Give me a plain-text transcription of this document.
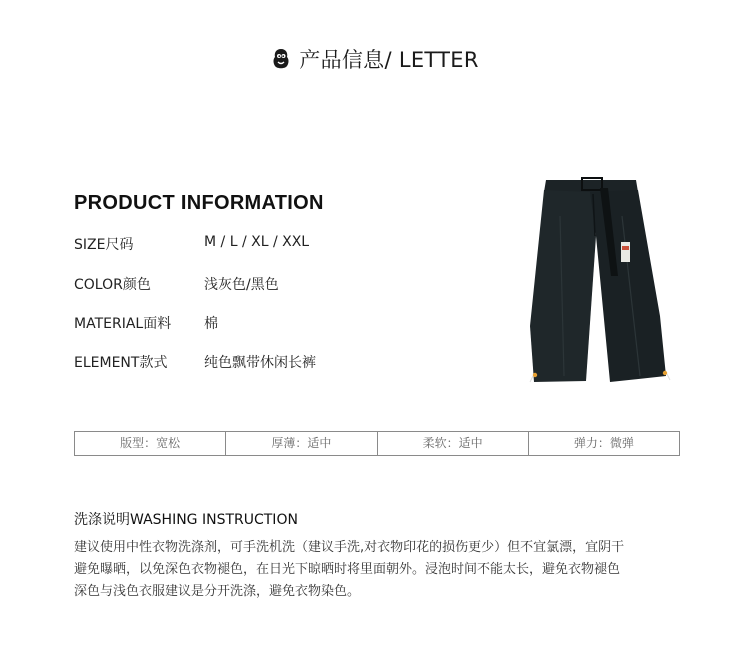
产品信息/ LETTER
PRODUCT INFORMATION
SIZE尺码	M / L / XL / XXL
COLOR颜色	浅灰色/黑色
MATERIAL面料 棉
ELEMENT款式	纯色飘带休闲长裤
版型：宽松	厚薄：适中	柔软：适中	弹力：微弹
洗涤说明WASHING INSTRUCTION
建议使用中性衣物洗涤剂，可手洗机洗（建议手洗,对衣物印花的损伤更少）但不宜氯漂，宜阴干
避免曝晒，以免深色衣物褪色，在日光下晾晒时将里面朝外。浸泡时间不能太长，避免衣物褪色
深色与浅色衣服建议是分开洗涤，避免衣物染色。
